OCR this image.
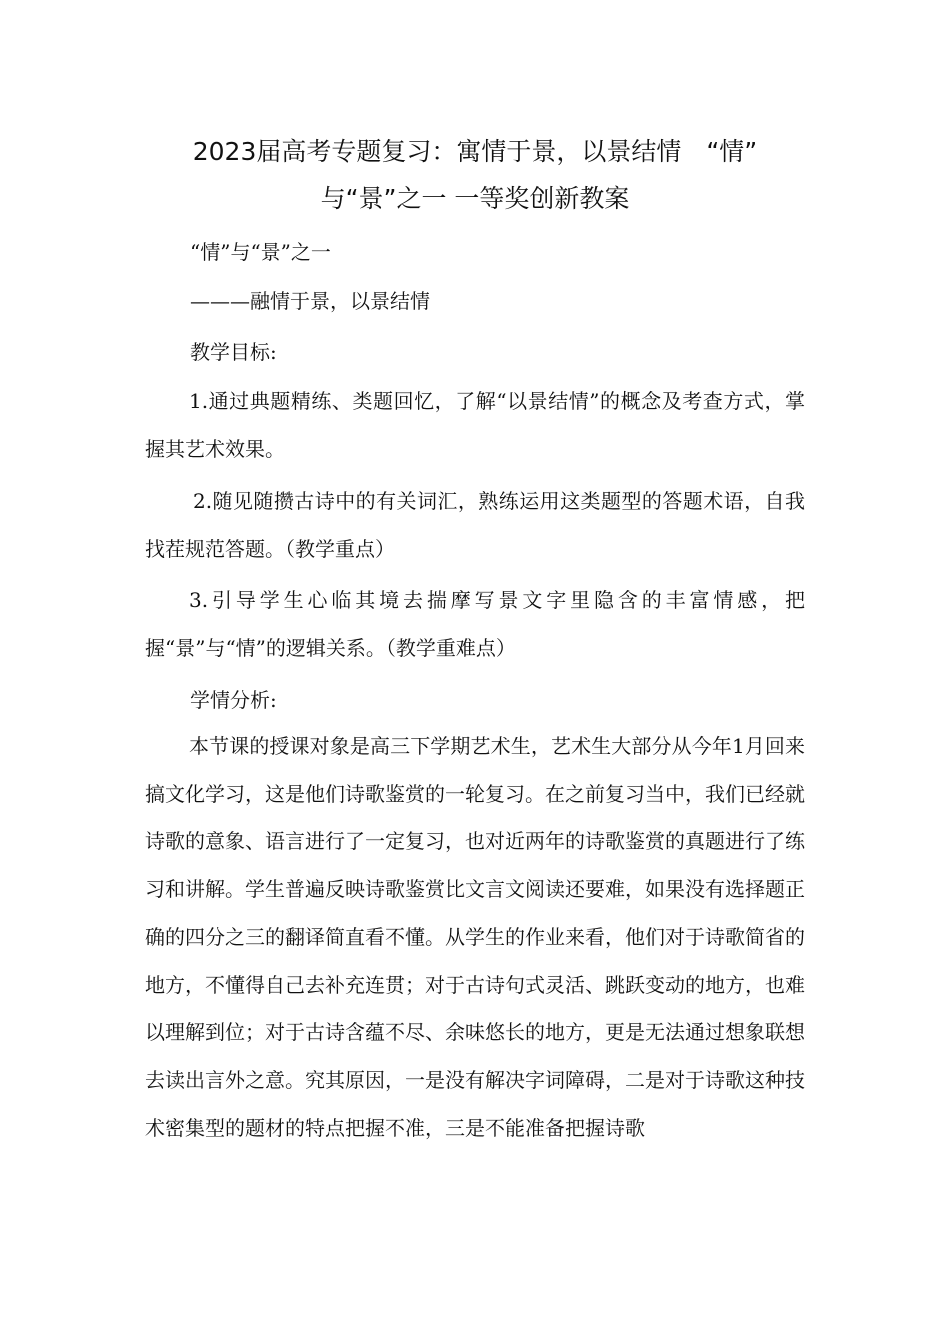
2023届高考专题复习：寓情于景，以景结情　“情”
与“景”之一 一等奖创新教案
“情”与“景”之一
———融情于景，以景结情
教学目标:
1.通过典题精练、类题回忆，了解“以景结情”的概念及考查方式，掌握其艺术效果。
2.随见随攒古诗中的有关词汇，熟练运用这类题型的答题术语，自我找茬规范答题。（教学重点）
3.引导学生心临其境去揣摩写景文字里隐含的丰富情感，把握“景”与“情”的逻辑关系。（教学重难点）
学情分析:
本节课的授课对象是高三下学期艺术生，艺术生大部分从今年1月回来搞文化学习，这是他们诗歌鉴赏的一轮复习。在之前复习当中，我们已经就诗歌的意象、语言进行了一定复习，也对近两年的诗歌鉴赏的真题进行了练习和讲解。学生普遍反映诗歌鉴赏比文言文阅读还要难，如果没有选择题正确的四分之三的翻译简直看不懂。从学生的作业来看，他们对于诗歌简省的地方，不懂得自己去补充连贯；对于古诗句式灵活、跳跃变动的地方，也难以理解到位；对于古诗含蕴不尽、余味悠长的地方，更是无法通过想象联想去读出言外之意。究其原因，一是没有解决字词障碍，二是对于诗歌这种技术密集型的题材的特点把握不准，三是不能准备把握诗歌
